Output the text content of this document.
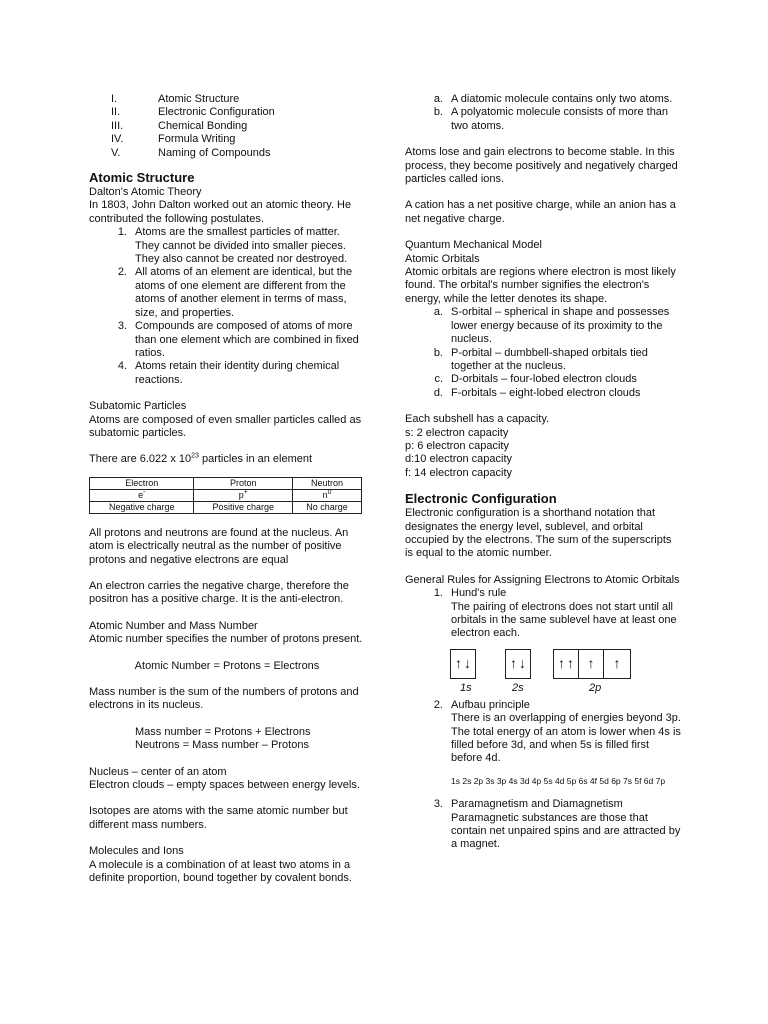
I.	Atomic Structure
II.	Electronic Configuration
III.	Chemical Bonding
IV.	Formula Writing
V.	Naming of Compounds

Atomic Structure

Dalton's Atomic Theory

In 1803, John Dalton worked out an atomic theory. He contributed the following postulates.

1. Atoms are the smallest particles of matter. They cannot be divided into smaller pieces. They also cannot be created nor destroyed.
2. All atoms of an element are identical, but the atoms of one element are different from the atoms of another element in terms of mass, size, and properties.
3. Compounds are composed of atoms of more than one element which are combined in fixed ratios.
4. Atoms retain their identity during chemical reactions.

Subatomic Particles

Atoms are composed of even smaller particles called as subatomic particles.

There are 6.022 x $10^{23}$ particles in an element

Electron	Proton	Neutron
e-	p+	$n^0$
Negative charge	Positive charge	No charge

All protons and neutrons are found at the nucleus. An atom is electrically neutral as the number of positive protons and negative electrons are equal

An electron carries the negative charge, therefore the positron has a positive charge. It is the anti-electron.

Atomic Number and Mass Number

Atomic number specifies the number of protons present.

Atomic Number = Protons = Electrons

Mass number is the sum of the numbers of protons and electrons in its nucleus.

Mass number = Protons + Electrons

Neutrons = Mass number – Protons

Nucleus – center of an atom

Electron clouds – empty spaces between energy levels.

Isotopes are atoms with the same atomic number but different mass numbers.

Molecules and Ions

A molecule is a combination of at least two atoms in a definite proportion, bound together by covalent bonds.

a. A diatomic molecule contains only two atoms.
b. A polyatomic molecule consists of more than two atoms.

Atoms lose and gain electrons to become stable. In this process, they become positively and negatively charged particles called ions.

A cation has a net positive charge, while an anion has a net negative charge.

Quantum Mechanical Model

Atomic Orbitals

Atomic orbitals are regions where electron is most likely found. The orbital's number signifies the electron's energy, while the letter denotes its shape.

a. S-orbital – spherical in shape and possesses lower energy because of its proximity to the nucleus.
b. P-orbital – dumbbell-shaped orbitals tied together at the nucleus.
c. D-orbitals – four-lobed electron clouds
d. F-orbitals – eight-lobed electron clouds

Each subshell has a capacity.

s: 2 electron capacity

p: 6 electron capacity

d:10 electron capacity

f: 14 electron capacity

Electronic Configuration

Electronic configuration is a shorthand notation that designates the energy level, sublevel, and orbital occupied by the electrons. The sum of the superscripts is equal to the atomic number.

General Rules for Assigning Electrons to Atomic Orbitals

1. Hund's rule
The pairing of electrons does not start until all orbitals in the same sublevel have at least one electron each.
↑ ↓	↑ ↓ ↑ ↑ ↑ ↑
1s	2s	2p
2. Aufbau principle
There is an overlapping of energies beyond 3p. The total energy of an atom is lower when 4s is filled before 3d, and when 5s is filled first before 4d.

1s 2s 2p 3s 3p 4s 3d 4p 5s 4d 5p 6s 4f 5d 6p 7s 5f 6d 7p

3. Paramagnetism and Diamagnetism
Paramagnetic substances are those that contain net unpaired spins and are attracted by a magnet.
